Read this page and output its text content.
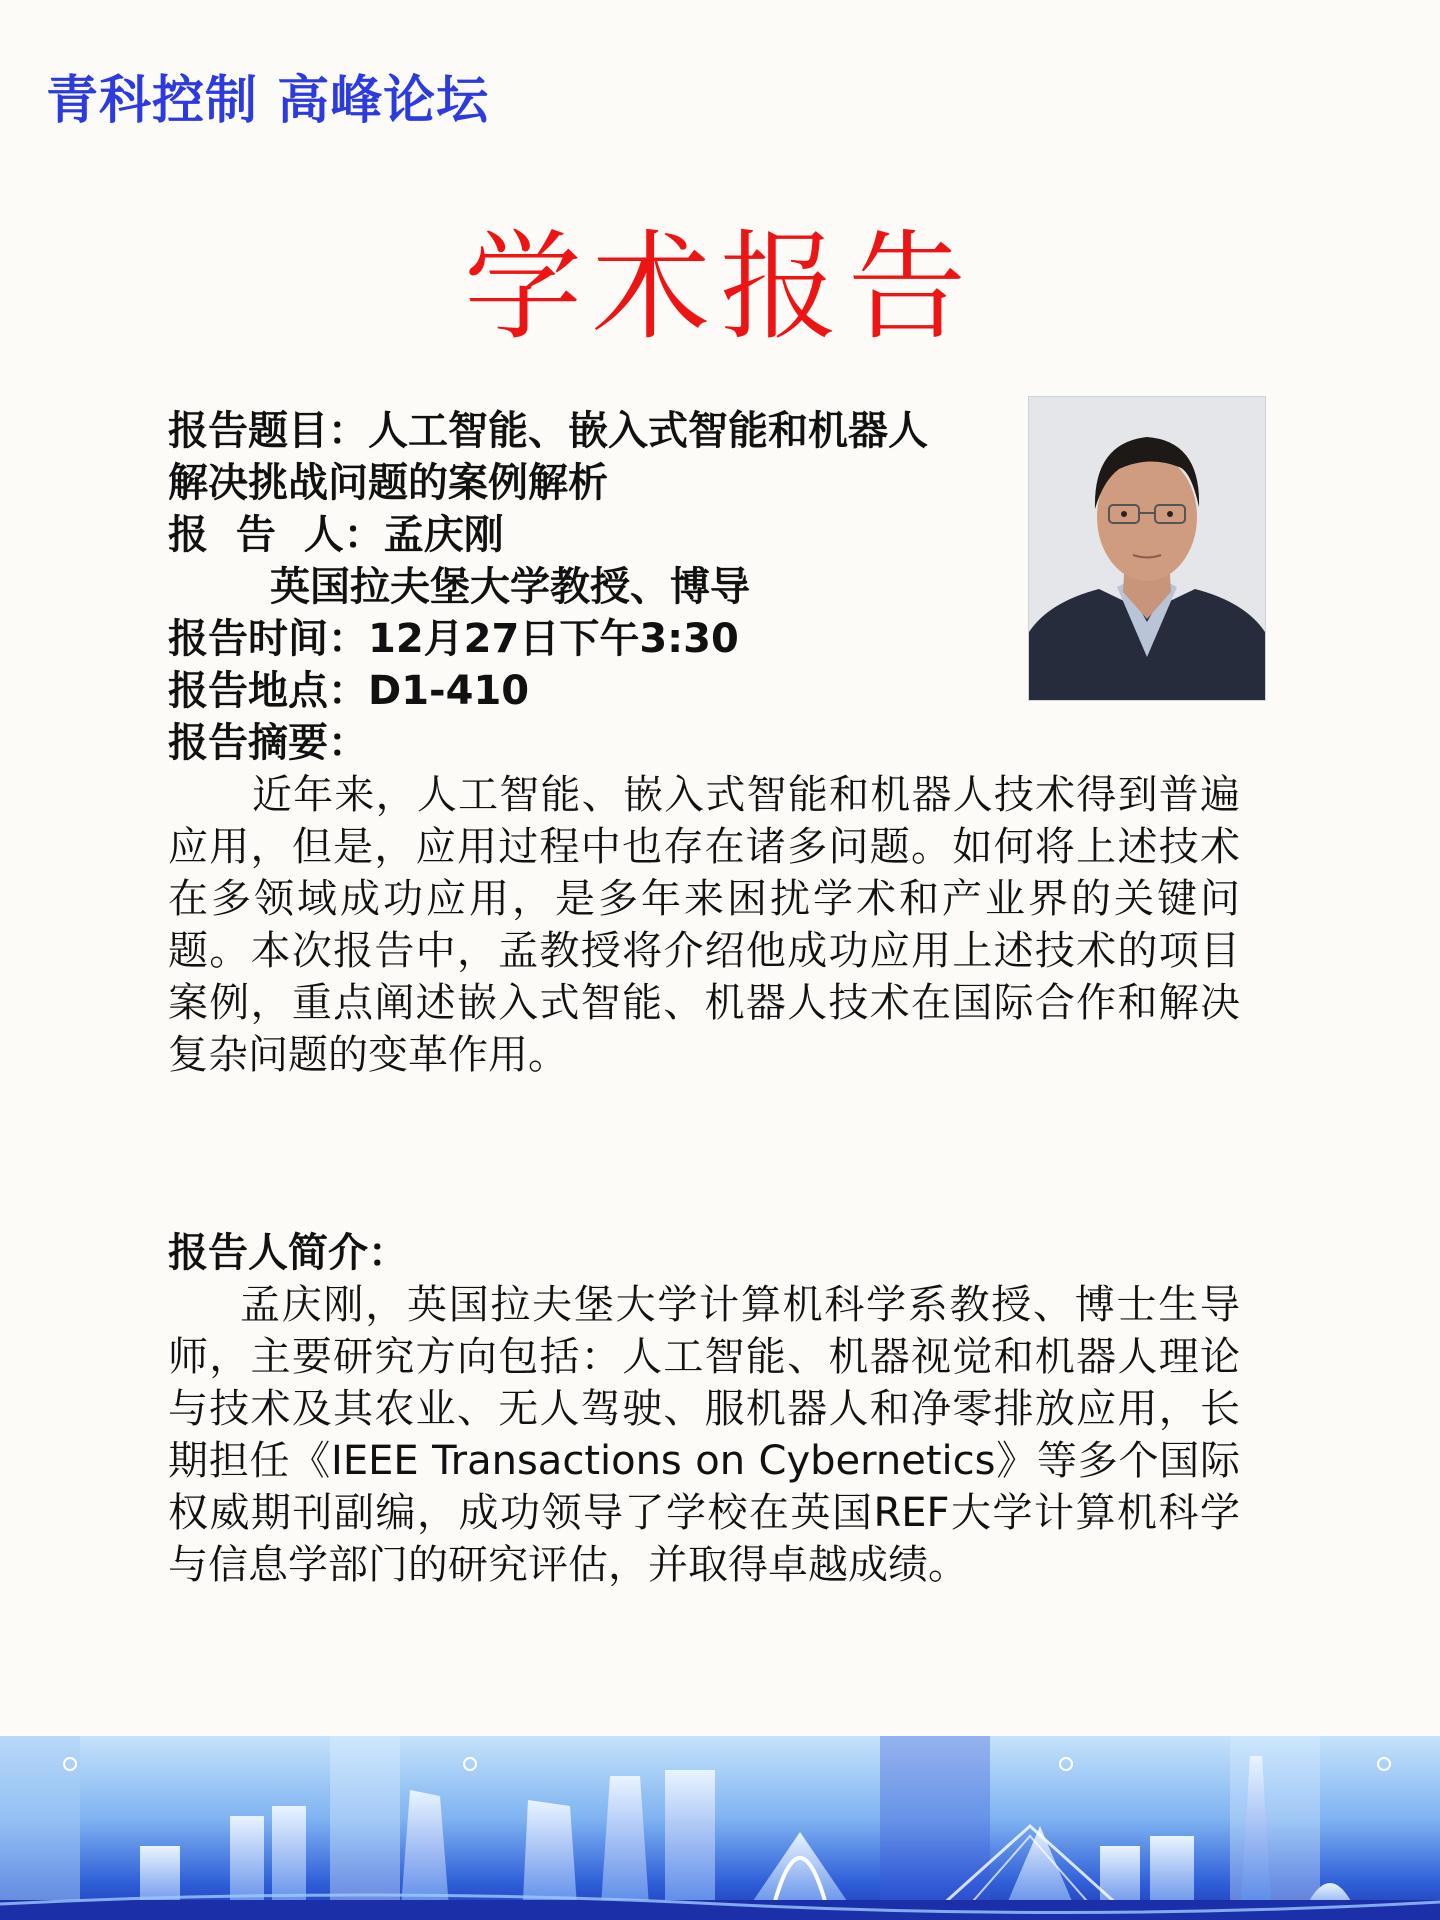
青科控制 高峰论坛
学术报告
报告题目：人工智能、嵌入式智能和机器人
解决挑战问题的案例解析
报  告  人：孟庆刚
英国拉夫堡大学教授、博导
报告时间：12月27日下午3:30
报告地点：D1-410
报告摘要：

近年来，人工智能、嵌入式智能和机器人技术得到普遍应用，但是，应用过程中也存在诸多问题。如何将上述技术在多领域成功应用，是多年来困扰学术和产业界的关键问题。本次报告中，孟教授将介绍他成功应用上述技术的项目案例，重点阐述嵌入式智能、机器人技术在国际合作和解决复杂问题的变革作用。

报告人简介：

孟庆刚，英国拉夫堡大学计算机科学系教授、博士生导师，主要研究方向包括：人工智能、机器视觉和机器人理论与技术及其农业、无人驾驶、服机器人和净零排放应用，长期担任《IEEE Transactions on Cybernetics》等多个国际权威期刊副编，成功领导了学校在英国REF大学计算机科学与信息学部门的研究评估，并取得卓越成绩。
